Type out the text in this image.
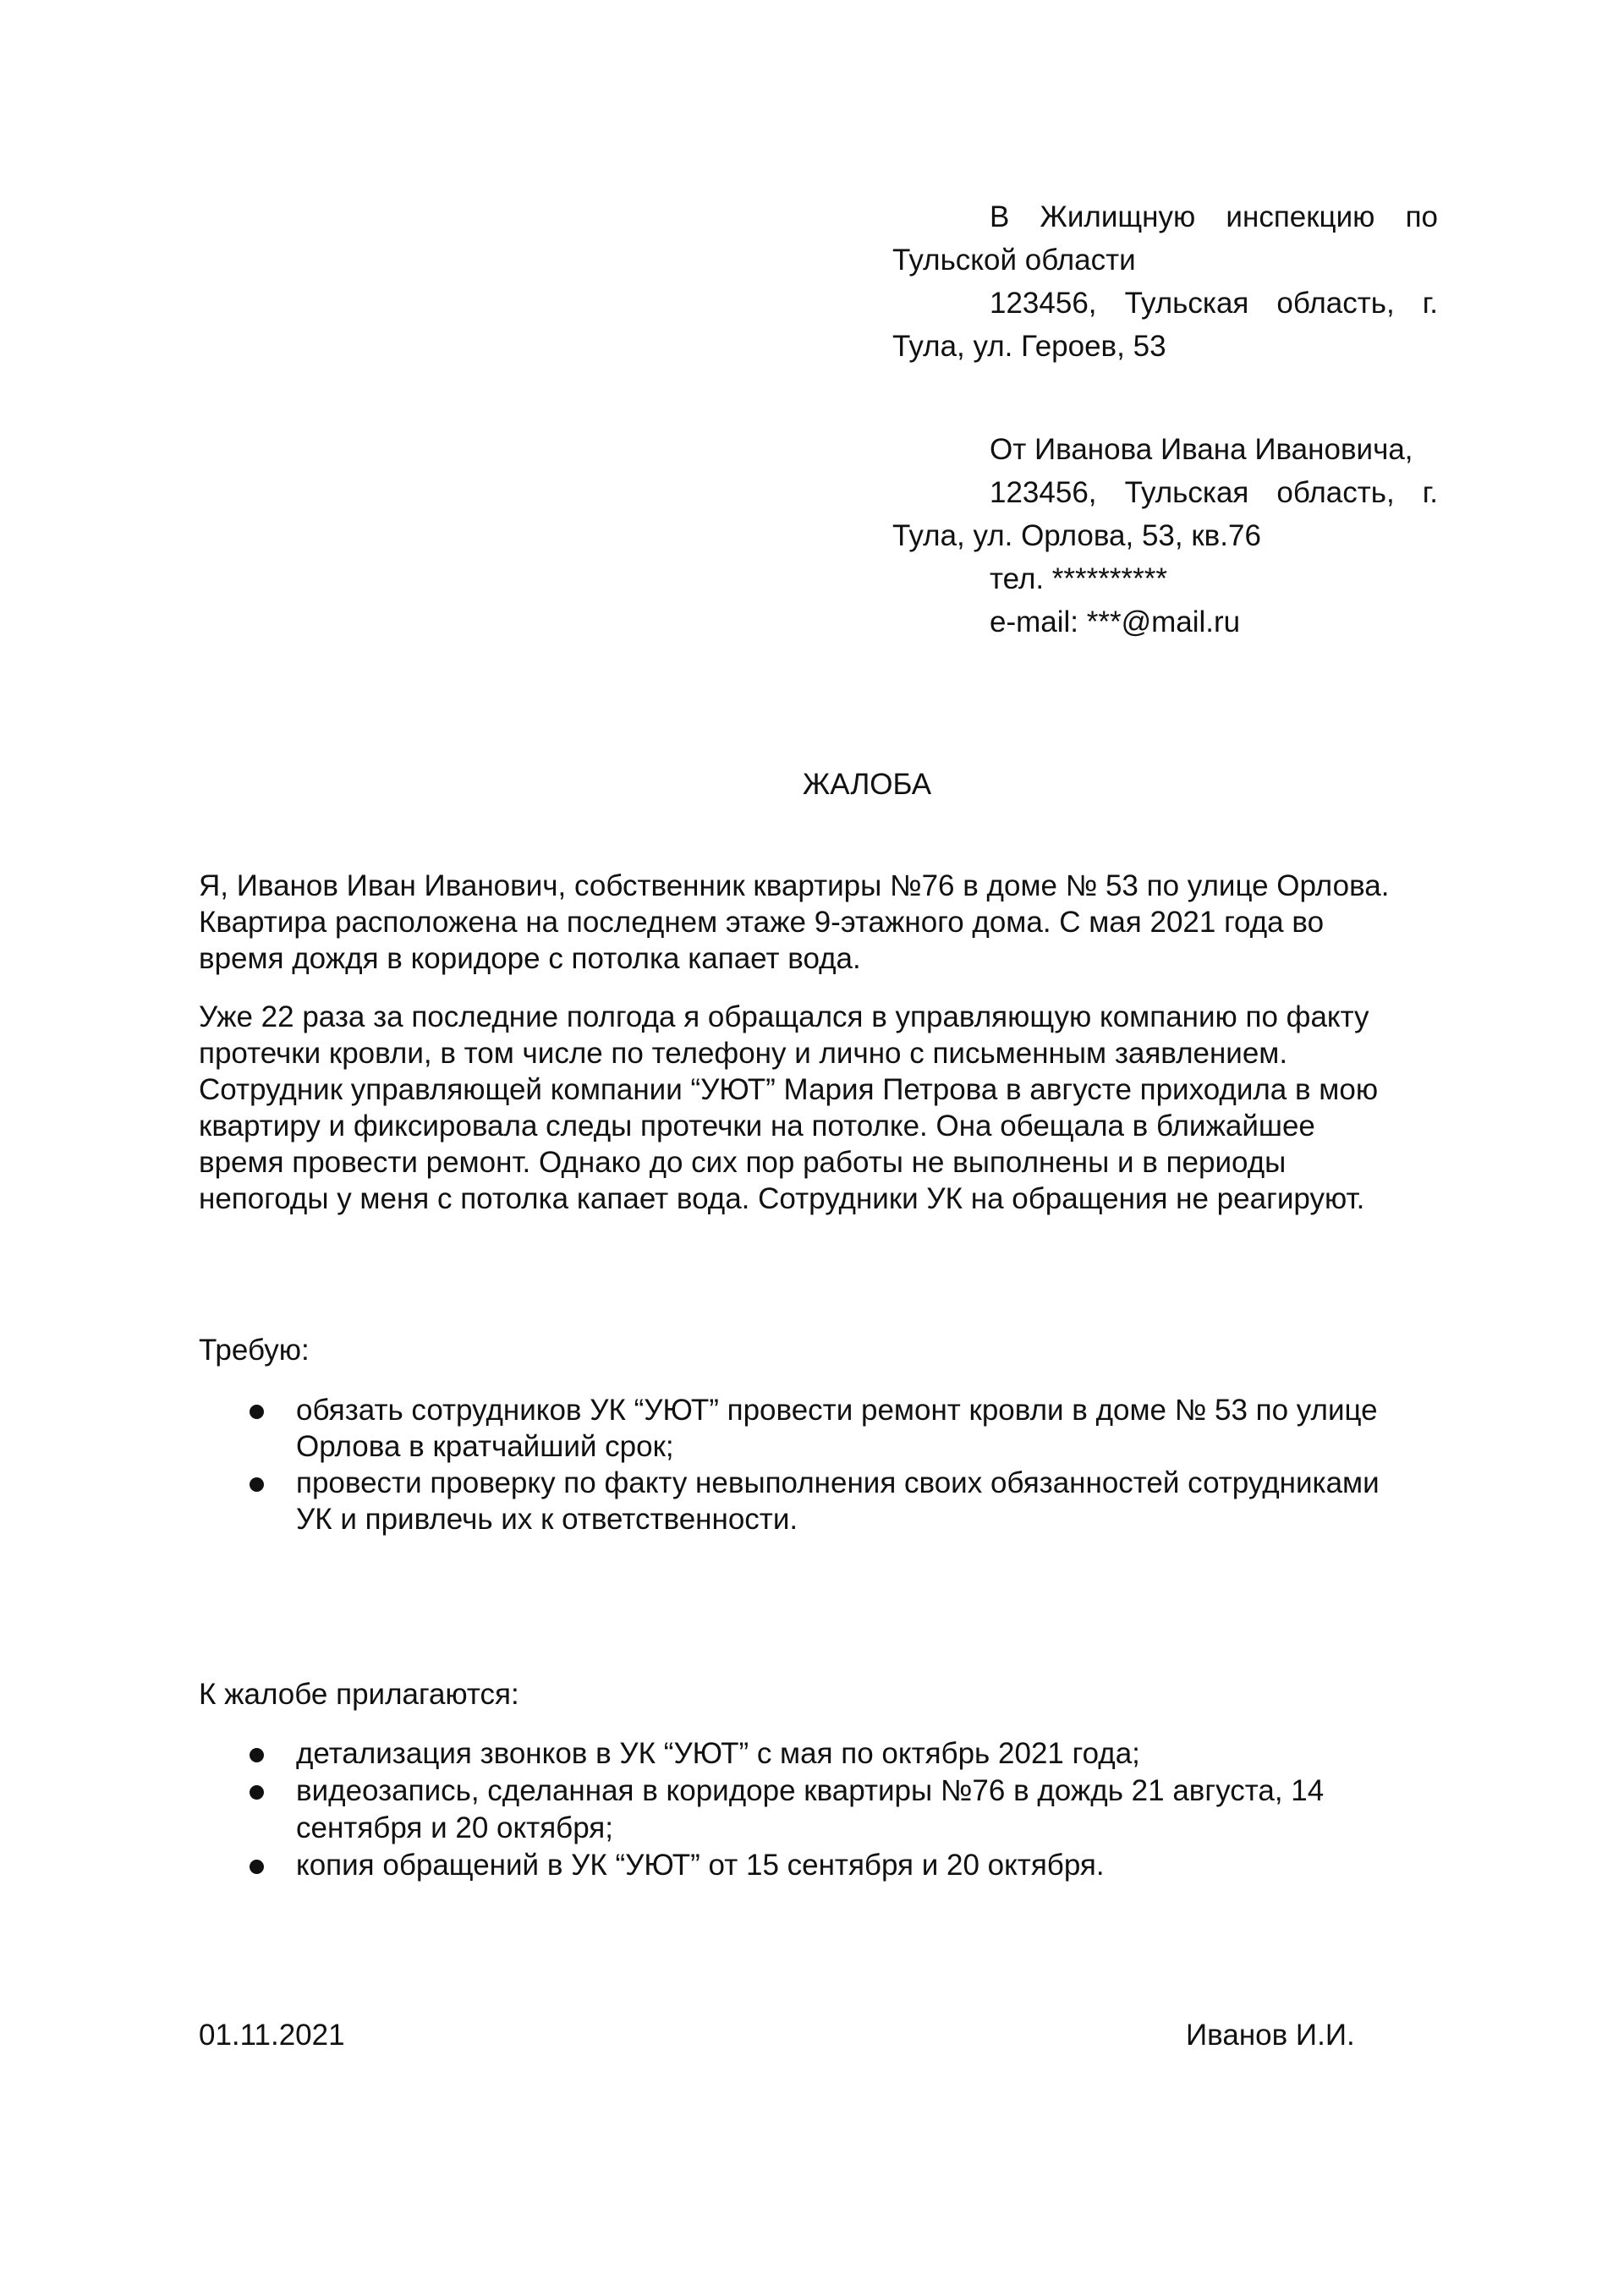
В Жилищную инспекцию по
Тульской области
123456, Тульская область, г.
Тула, ул. Героев, 53
От Иванова Ивана Ивановича,
123456, Тульская область, г.
Тула, ул. Орлова, 53, кв.76
тел. **********
e-mail: ***@mail.ru
ЖАЛОБА
Я, Иванов Иван Иванович, собственник квартиры №76 в доме № 53 по улице Орлова.
Квартира расположена на последнем этаже 9-этажного дома. С мая 2021 года во
время дождя в коридоре с потолка капает вода.
Уже 22 раза за последние полгода я обращался в управляющую компанию по факту
протечки кровли, в том числе по телефону и лично с письменным заявлением.
Сотрудник управляющей компании “УЮТ” Мария Петрова в августе приходила в мою
квартиру и фиксировала следы протечки на потолке. Она обещала в ближайшее
время провести ремонт. Однако до сих пор работы не выполнены и в периоды
непогоды у меня с потолка капает вода. Сотрудники УК на обращения не реагируют.
Требую:
обязать сотрудников УК “УЮТ” провести ремонт кровли в доме № 53 по улице
Орлова в кратчайший срок;
провести проверку по факту невыполнения своих обязанностей сотрудниками
УК и привлечь их к ответственности.
К жалобе прилагаются:
детализация звонков в УК “УЮТ” с мая по октябрь 2021 года;
видеозапись, сделанная в коридоре квартиры №76 в дождь 21 августа, 14
сентября и 20 октября;
копия обращений в УК “УЮТ” от 15 сентября и 20 октября.
01.11.2021	Иванов И.И.
